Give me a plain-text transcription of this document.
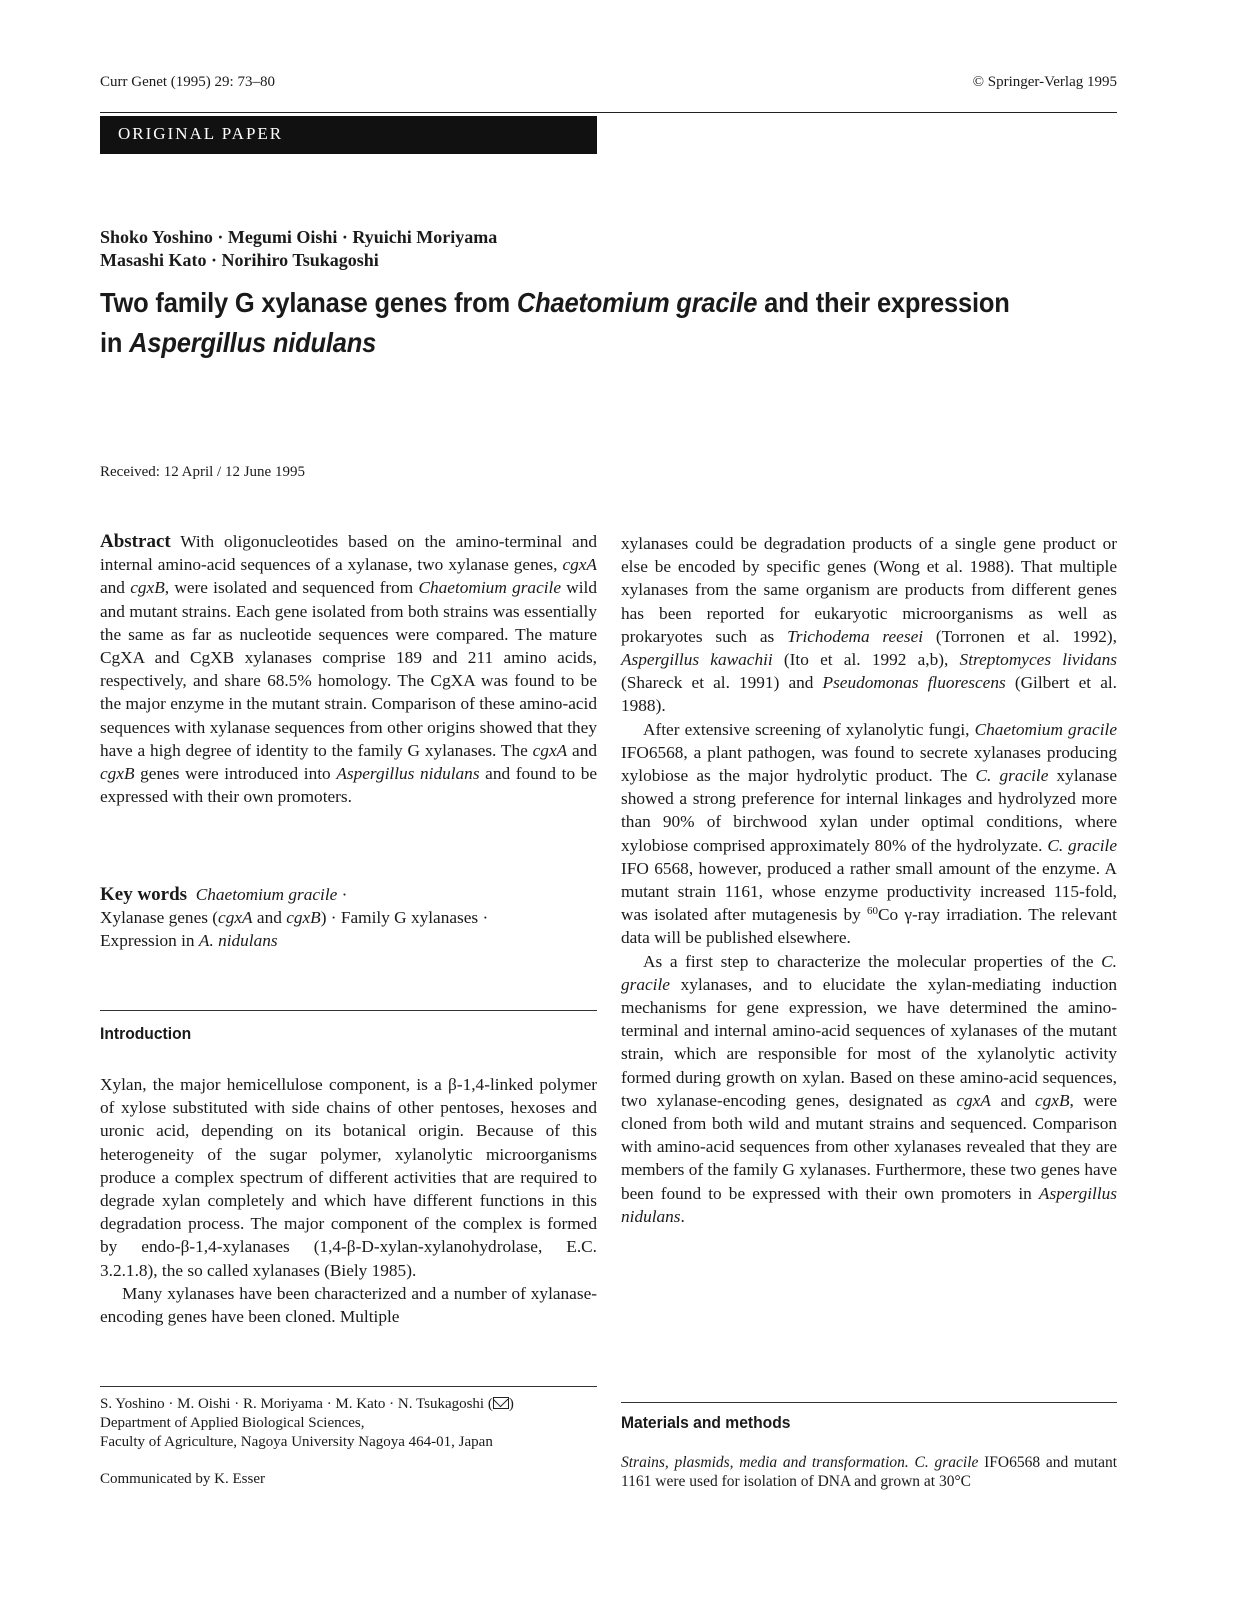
Curr Genet (1995) 29: 73–80	© Springer-Verlag 1995
ORIGINAL PAPER
Shoko Yoshino · Megumi Oishi · Ryuichi Moriyama
Masashi Kato · Norihiro Tsukagoshi
Two family G xylanase genes from Chaetomium gracile and their expression
in Aspergillus nidulans
Received: 12 April / 12 June 1995

Abstract With oligonucleotides based on the amino-terminal and internal amino-acid sequences of a xylanase, two xylanase genes, cgxA and cgxB, were isolated and sequenced from Chaetomium gracile wild and mutant strains. Each gene isolated from both strains was essentially the same as far as nucleotide sequences were compared. The mature CgXA and CgXB xylanases comprise 189 and 211 amino acids, respectively, and share 68.5% homology. The CgXA was found to be the major enzyme in the mutant strain. Comparison of these amino-acid sequences with xylanase sequences from other origins showed that they have a high degree of identity to the family G xylanases. The cgxA and cgxB genes were introduced into Aspergillus nidulans and found to be expressed with their own promoters.

Key words Chaetomium gracile ·
Xylanase genes (cgxA and cgxB) · Family G xylanases ·
Expression in A. nidulans
Introduction

Xylan, the major hemicellulose component, is a β-1,4-linked polymer of xylose substituted with side chains of other pentoses, hexoses and uronic acid, depending on its botanical origin. Because of this heterogeneity of the sugar polymer, xylanolytic microorganisms produce a complex spectrum of different activities that are required to degrade xylan completely and which have different functions in this degradation process. The major component of the complex is formed by endo-β-1,4-xylanases (1,4-β-D-xylan-xylanohydrolase, E.C. 3.2.1.8), the so called xylanases (Biely 1985).

Many xylanases have been characterized and a number of xylanase-encoding genes have been cloned. Multiple

S. Yoshino · M. Oishi · R. Moriyama · M. Kato · N. Tsukagoshi ( )
Department of Applied Biological Sciences,
Faculty of Agriculture, Nagoya University Nagoya 464-01, Japan
Communicated by K. Esser

xylanases could be degradation products of a single gene product or else be encoded by specific genes (Wong et al. 1988). That multiple xylanases from the same organism are products from different genes has been reported for eukaryotic microorganisms as well as prokaryotes such as Trichodema reesei (Torronen et al. 1992), Aspergillus kawachii (Ito et al. 1992 a,b), Streptomyces lividans (Shareck et al. 1991) and Pseudomonas fluorescens (Gilbert et al. 1988).

After extensive screening of xylanolytic fungi, Chaetomium gracile IFO6568, a plant pathogen, was found to secrete xylanases producing xylobiose as the major hydrolytic product. The C. gracile xylanase showed a strong preference for internal linkages and hydrolyzed more than 90% of birchwood xylan under optimal conditions, where xylobiose comprised approximately 80% of the hydrolyzate. C. gracile IFO 6568, however, produced a rather small amount of the enzyme. A mutant strain 1161, whose enzyme productivity increased 115-fold, was isolated after mutagenesis by $^{60}$Co γ-ray irradiation. The relevant data will be published elsewhere.

As a first step to characterize the molecular properties of the C. gracile xylanases, and to elucidate the xylan-mediating induction mechanisms for gene expression, we have determined the amino-terminal and internal amino-acid sequences of xylanases of the mutant strain, which are responsible for most of the xylanolytic activity formed during growth on xylan. Based on these amino-acid sequences, two xylanase-encoding genes, designated as cgxA and cgxB, were cloned from both wild and mutant strains and sequenced. Comparison with amino-acid sequences from other xylanases revealed that they are members of the family G xylanases. Furthermore, these two genes have been found to be expressed with their own promoters in Aspergillus nidulans.

Materials and methods
Strains, plasmids, media and transformation. C. gracile IFO6568 and mutant 1161 were used for isolation of DNA and grown at 30°C
